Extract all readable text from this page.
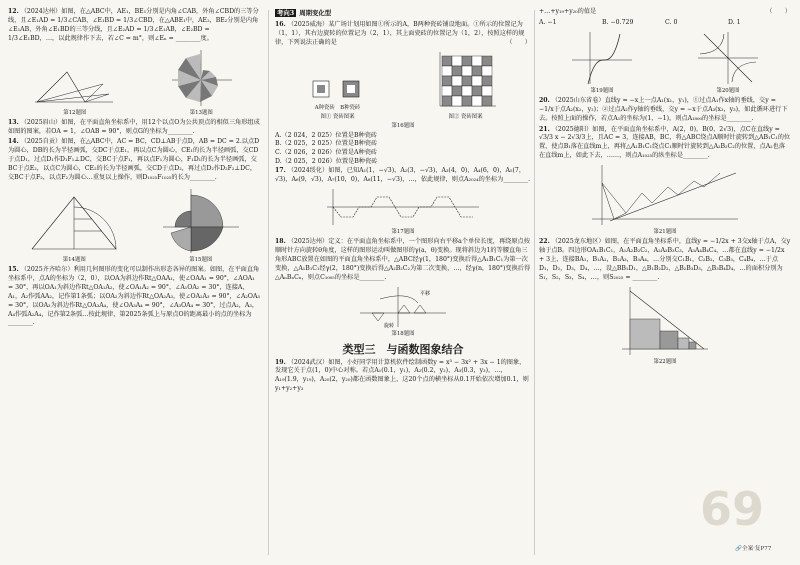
12. （2024达州）如图，在△ABC中，AE₁，BE₁分别是内角∠CAB，外角∠CBD的三等分线，且∠E₁AD = 1/3∠CAB，∠E₁BD = 1/3∠CBD，在△ABE₁中，AE₂，BE₂分别是内角∠E₁AB，外角∠E₁BD的三等分线，且∠E₂AD = 1/3∠E₁AB，∠E₂BD = 1/3∠E₁BD，…，以此规律作下去，若∠C = m°，则∠Eₙ = ________度。
第12题图	第13题图
13. （2025眉山）如图，在平面直角坐标系中，用12个以点O为公共顶点的相似三角形组成如图的图案，若OA = 1，∠OAB = 90°，则点G的坐标为________.
14. （2025自贡）如图，在△ABC中，AC = BC，CD⊥AB于点D，AB = DC = 2.以点D为圆心，DB的长为半径画弧，交DC于点E₁，再以点C为圆心，CE₁的长为半径画弧，交CD于点D₁，过点D₁作D₁F₁⊥DC，交BC于点F₁，再以点F₁为圆心，F₁D₁的长为半径画弧，交BC于点E₂，以点C为圆心，CE₂的长为半径画弧，交CD于点D₂，再过点D₂作D₂F₂⊥DC，交BC于点F₂，以点F₂为圆心…重复以上操作，则D₁₀₂₅F₁₀₂₅的长为________.
第14题图	第15题图
15. （2025齐齐哈尔）利用几何图形的变化可以制作出形态各异的图案。如图，在平面直角坐标系中，点A的坐标为（2，0），以OA为斜边作Rt△OAA₁，使∠OAA₁ = 90°，∠AOA₁ = 30°，再以OA₁为斜边作Rt△OA₁A₂，使∠OA₁A₂ = 90°，∠A₁OA₂ = 30°，连接A，A₁，A₂作弧AA₂，记作第1条弧；以OA₂为斜边作Rt△OA₂A₃，使∠OA₂A₃ = 90°，∠A₂OA₃ = 30°，以OA₃为斜边作Rt△OA₃A₄，使∠OA₃A₄ = 90°，∠A₃OA₄ = 30°，过点A₂，A₃，A₄作弧A₂A₄，记作第2条弧…按此规律，第2025条弧上与原点O的距离最小的点的坐标为________.
考向3 周期变化型
16. （2025威海）某广场计划用如图①所示的A，B两种瓷砖铺设地面。①所示的位置记为（1，1），其右边旋转的位置记为（2，1），其上面瓷砖的位置记为（1，2），按照这样的规律，下列说法正确的是	（　　）
A种瓷砖　 B种瓷砖
图① 瓷砖图案	图② 瓷砖图案
第16题图
A.（2 024，2 025）位置是B种瓷砖
B.（2 025，2 025）位置是B种瓷砖
C.（2 026，2 026）位置是A种瓷砖
D.（2 025，2 026）位置是B种瓷砖
17. （2024绥化）如图，已知A₁(1，−√3)，A₂(3，−√3)，A₃(4，0)，A₄(6，0)，A₅(7，√3)，A₆(9，√3)，A₇(10，0)，A₈(11，−√3)，…，依此规律，则点A₂₀₂₄的坐标为________.
第17题图
18. （2025达州）定义：在平面直角坐标系中，一个图形向右平移a个单位长度，再绕原点按顺时针方向旋转θ角度，这样的图形运动叫做图形的γ(a，θ)变换。现将斜边为1的等腰直角三角形ABC放置在如图的平面直角坐标系中，△ABC经γ(1，180°)变换后得△A₁B₁C₁为第一次变换，△A₁B₁C₁经γ(2，180°)变换后得△A₂B₂C₂为第二次变换，…，经γ(n，180°)变换后得△AₙBₙCₙ，则点C₁₀₀₅的坐标是________.
平移
旋转
第18题图
类型三　与函数图象结合
19. （2024武汉）如图，小好同学用计算机软件绘制函数y = x³ − 3x² + 3x − 1的图象，发现它关于点(1，0)中心对称。若点A₁(0.1，y₁)，A₂(0.2，y₂)，A₃(0.3，y₃)，…，A₁₉(1.9，y₁₉)，A₂₀(2，y₂₀)都在函数图象上，这20个点的横坐标从0.1开始依次增加0.1，则y₁+y₂+y₃
+…+y₁₉+y₂₀的值是	（　　）
A. −1	B. −0.729	C. 0	D. 1
第19题图	第20题图
20. （2025山东省卷）直线y = −x上一点A₁(x₁，y₁)，①过点A₁作x轴的垂线，交y = −1/x于点A₂(x₂，y₂)；②过点A₂作y轴的垂线，交y = −x于点A₃(x₃，y₃)，如此循环进行下去。按照上面的操作，若点A₁的坐标为(1，−1)，则点A₁₈₀₀的坐标是________.
21. （2025德阳）如图，在平面直角坐标系中，A(2，0)，B(0，2√3)，点C在直线y = √3/3 x − 2√3/3上，且AC = 3，连接AB，BC，将△ABC绕点A顺时针旋转到△AB₁C₁的位置，使点B₁落在直线m上，再将△A₁B₁C₁绕点C₁顺时针旋转到△A₂B₂C₂的位置，点A₂也落在直线m上，如此下去，……，则点A₁₀₂₅的纵坐标是________.
第21题图
22. （2025龙东地区）如图，在平面直角坐标系中，直线y = −1/2x + 3交x轴于点A，交y轴于点B。四边形OA₁B₁C₁，A₁A₂B₂C₂，A₂A₃B₃C₃，A₃A₄B₄C₄，…都在直线y = −1/2x + 3上，连接BA₁，B₁A₂，B₂A₃，B₃A₄，…分别交C₁B₁，C₂B₂，C₃B₃，C₄B₄，…于点D₁，D₂，D₃，D₄，…，设△BB₁D₁，△B₁B₂D₂，△B₂B₃D₃，△B₃B₄D₄，…的面积分别为S₁，S₂，S₃，S₄，…，则S₂₀₂₅ = ________.
第22题图
69
🔗全案·复P77
